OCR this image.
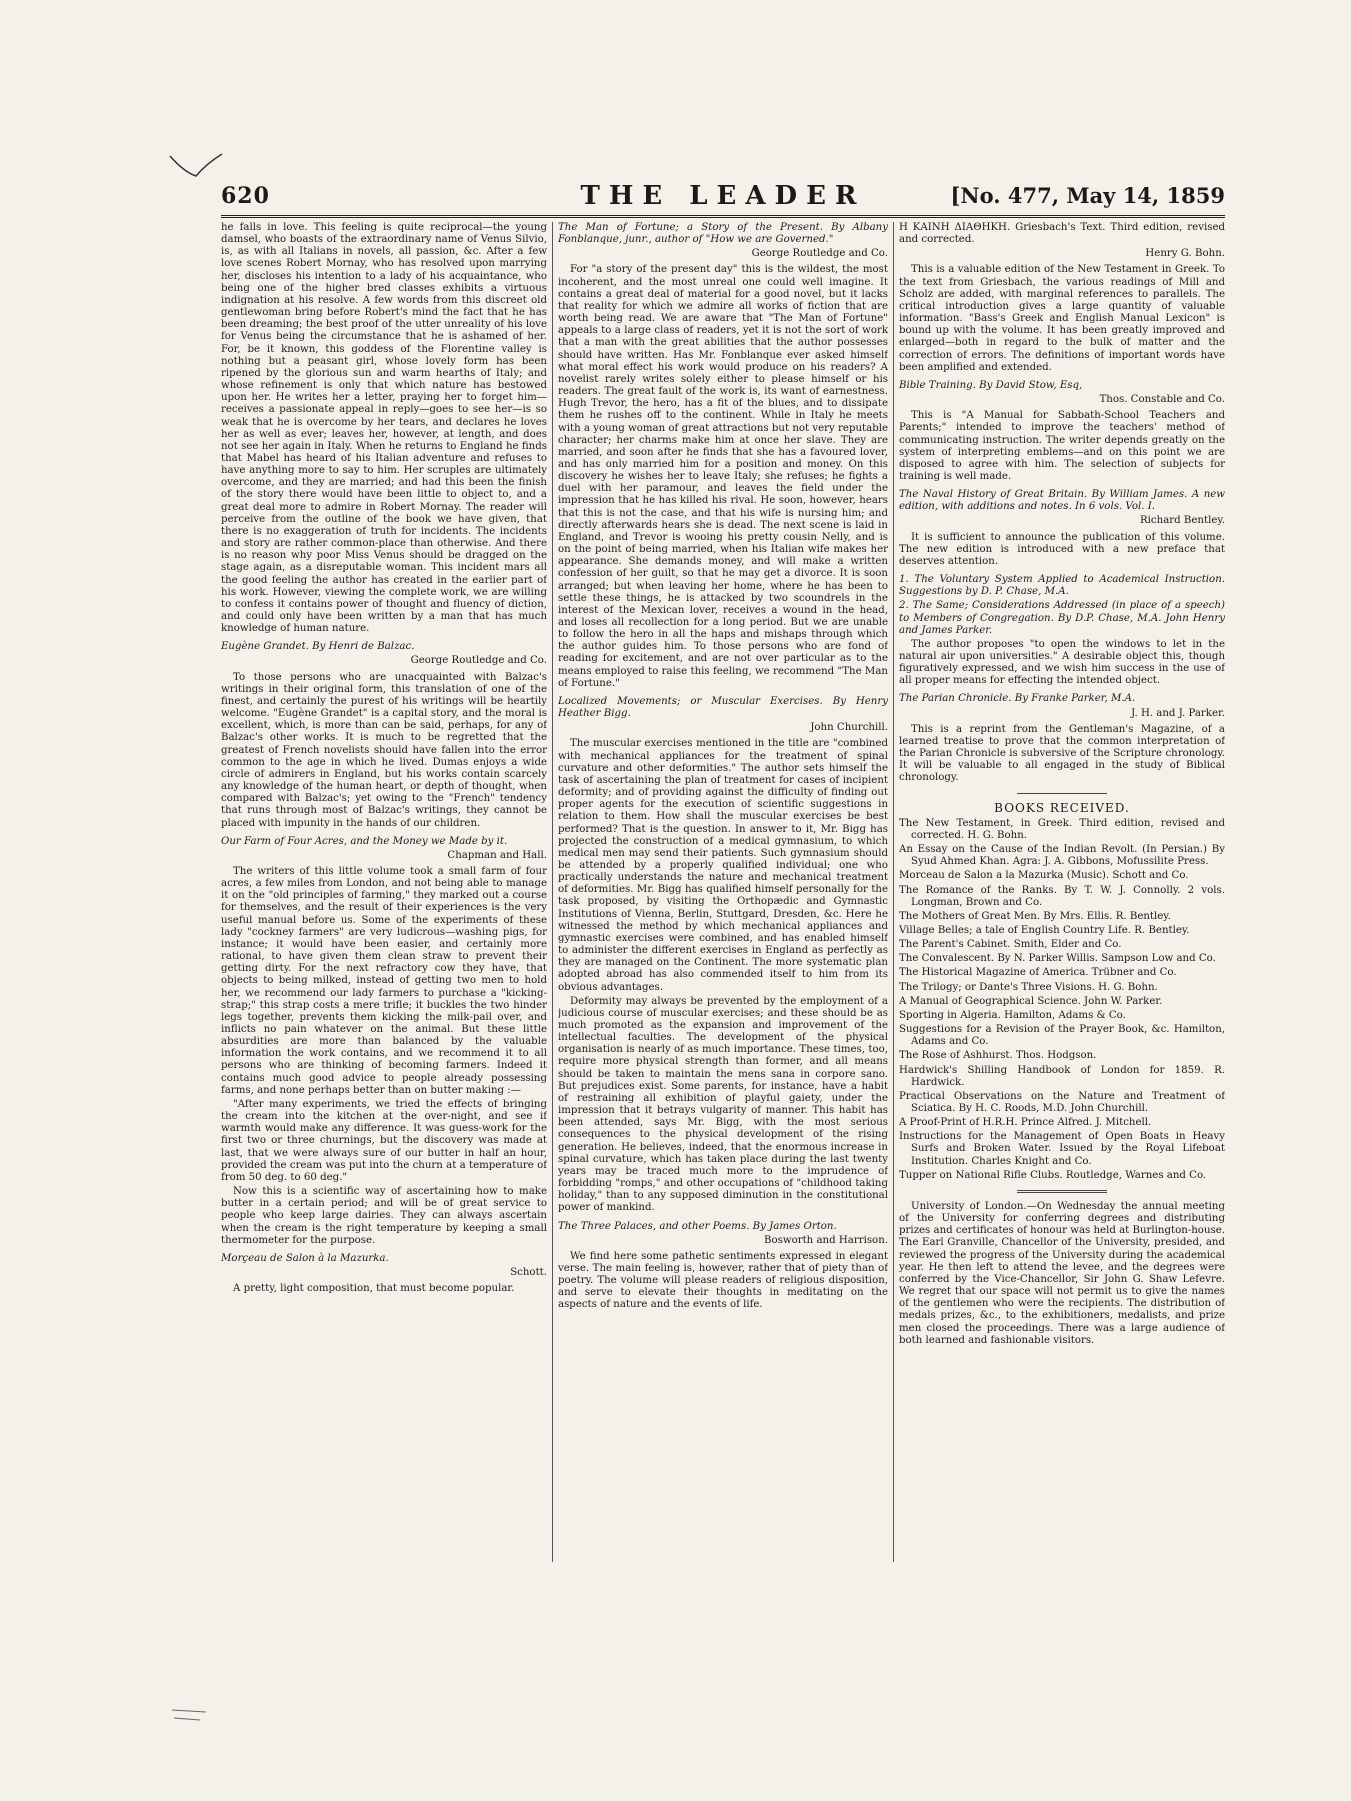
620	THE LEADER	[No. 477, May 14, 1859

he falls in love. This feeling is quite reciprocal—the young damsel, who boasts of the extraordinary name of Venus Silvio, is, as with all Italians in novels, all passion, &c. After a few love scenes Robert Mornay, who has resolved upon marrying her, discloses his intention to a lady of his acquaintance, who being one of the higher bred classes exhibits a virtuous indignation at his resolve. A few words from this discreet old gentlewoman bring before Robert's mind the fact that he has been dreaming; the best proof of the utter unreality of his love for Venus being the circumstance that he is ashamed of her. For, be it known, this goddess of the Florentine valley is nothing but a peasant girl, whose lovely form has been ripened by the glorious sun and warm hearths of Italy; and whose refinement is only that which nature has bestowed upon her. He writes her a letter, praying her to forget him—receives a passionate appeal in reply—goes to see her—is so weak that he is overcome by her tears, and declares he loves her as well as ever; leaves her, however, at length, and does not see her again in Italy. When he returns to England he finds that Mabel has heard of his Italian adventure and refuses to have anything more to say to him. Her scruples are ultimately overcome, and they are married; and had this been the finish of the story there would have been little to object to, and a great deal more to admire in Robert Mornay. The reader will perceive from the outline of the book we have given, that there is no exaggeration of truth for incidents. The incidents and story are rather common-place than otherwise. And there is no reason why poor Miss Venus should be dragged on the stage again, as a disreputable woman. This incident mars all the good feeling the author has created in the earlier part of his work. However, viewing the complete work, we are willing to confess it contains power of thought and fluency of diction, and could only have been written by a man that has much knowledge of human nature.

Eugène Grandet. By Henri de Balzac.

George Routledge and Co.

To those persons who are unacquainted with Balzac's writings in their original form, this translation of one of the finest, and certainly the purest of his writings will be heartily welcome. "Eugène Grandet" is a capital story, and the moral is excellent, which, is more than can be said, perhaps, for any of Balzac's other works. It is much to be regretted that the greatest of French novelists should have fallen into the error common to the age in which he lived. Dumas enjoys a wide circle of admirers in England, but his works contain scarcely any knowledge of the human heart, or depth of thought, when compared with Balzac's; yet owing to the "French" tendency that runs through most of Balzac's writings, they cannot be placed with impunity in the hands of our children.

Our Farm of Four Acres, and the Money we Made by it.

Chapman and Hall.

The writers of this little volume took a small farm of four acres, a few miles from London, and not being able to manage it on the "old principles of farming," they marked out a course for themselves, and the result of their experiences is the very useful manual before us. Some of the experiments of these lady "cockney farmers" are very ludicrous—washing pigs, for instance; it would have been easier, and certainly more rational, to have given them clean straw to prevent their getting dirty. For the next refractory cow they have, that objects to being milked, instead of getting two men to hold her, we recommend our lady farmers to purchase a "kicking-strap;" this strap costs a mere trifle; it buckles the two hinder legs together, prevents them kicking the milk-pail over, and inflicts no pain whatever on the animal. But these little absurdities are more than balanced by the valuable information the work contains, and we recommend it to all persons who are thinking of becoming farmers. Indeed it contains much good advice to people already possessing farms, and none perhaps better than on butter making :—

"After many experiments, we tried the effects of bringing the cream into the kitchen at the over-night, and see if warmth would make any difference. It was guess-work for the first two or three churnings, but the discovery was made at last, that we were always sure of our butter in half an hour, provided the cream was put into the churn at a temperature of from 50 deg. to 60 deg."

Now this is a scientific way of ascertaining how to make butter in a certain period; and will be of great service to people who keep large dairies. They can always ascertain when the cream is the right temperature by keeping a small thermometer for the purpose.

Morçeau de Salon à la Mazurka.

Schott.

A pretty, light composition, that must become popular.

The Man of Fortune; a Story of the Present. By Albany Fonblanque, junr., author of "How we are Governed."

George Routledge and Co.

For "a story of the present day" this is the wildest, the most incoherent, and the most unreal one could well imagine. It contains a great deal of material for a good novel, but it lacks that reality for which we admire all works of fiction that are worth being read. We are aware that "The Man of Fortune" appeals to a large class of readers, yet it is not the sort of work that a man with the great abilities that the author possesses should have written. Has Mr. Fonblanque ever asked himself what moral effect his work would produce on his readers? A novelist rarely writes solely either to please himself or his readers. The great fault of the work is, its want of earnestness. Hugh Trevor, the hero, has a fit of the blues, and to dissipate them he rushes off to the continent. While in Italy he meets with a young woman of great attractions but not very reputable character; her charms make him at once her slave. They are married, and soon after he finds that she has a favoured lover, and has only married him for a position and money. On this discovery he wishes her to leave Italy; she refuses; he fights a duel with her paramour, and leaves the field under the impression that he has killed his rival. He soon, however, hears that this is not the case, and that his wife is nursing him; and directly afterwards hears she is dead. The next scene is laid in England, and Trevor is wooing his pretty cousin Nelly, and is on the point of being married, when his Italian wife makes her appearance. She demands money, and will make a written confession of her guilt, so that he may get a divorce. It is soon arranged; but when leaving her home, where he has been to settle these things, he is attacked by two scoundrels in the interest of the Mexican lover, receives a wound in the head, and loses all recollection for a long period. But we are unable to follow the hero in all the haps and mishaps through which the author guides him. To those persons who are fond of reading for excitement, and are not over particular as to the means employed to raise this feeling, we recommend "The Man of Fortune."

Localized Movements; or Muscular Exercises. By Henry Heather Bigg.

John Churchill.

The muscular exercises mentioned in the title are "combined with mechanical appliances for the treatment of spinal curvature and other deformities." The author sets himself the task of ascertaining the plan of treatment for cases of incipient deformity; and of providing against the difficulty of finding out proper agents for the execution of scientific suggestions in relation to them. How shall the muscular exercises be best performed? That is the question. In answer to it, Mr. Bigg has projected the construction of a medical gymnasium, to which medical men may send their patients. Such gymnasium should be attended by a properly qualified individual; one who practically understands the nature and mechanical treatment of deformities. Mr. Bigg has qualified himself personally for the task proposed, by visiting the Orthopædic and Gymnastic Institutions of Vienna, Berlin, Stuttgard, Dresden, &c. Here he witnessed the method by which mechanical appliances and gymnastic exercises were combined, and has enabled himself to administer the different exercises in England as perfectly as they are managed on the Continent. The more systematic plan adopted abroad has also commended itself to him from its obvious advantages.

Deformity may always be prevented by the employment of a judicious course of muscular exercises; and these should be as much promoted as the expansion and improvement of the intellectual faculties. The development of the physical organisation is nearly of as much importance. These times, too, require more physical strength than former, and all means should be taken to maintain the mens sana in corpore sano. But prejudices exist. Some parents, for instance, have a habit of restraining all exhibition of playful gaiety, under the impression that it betrays vulgarity of manner. This habit has been attended, says Mr. Bigg, with the most serious consequences to the physical development of the rising generation. He believes, indeed, that the enormous increase in spinal curvature, which has taken place during the last twenty years may be traced much more to the imprudence of forbidding "romps," and other occupations of "childhood taking holiday," than to any supposed diminution in the constitutional power of mankind.

The Three Palaces, and other Poems. By James Orton.

Bosworth and Harrison.

We find here some pathetic sentiments expressed in elegant verse. The main feeling is, however, rather that of piety than of poetry. The volume will please readers of religious disposition, and serve to elevate their thoughts in meditating on the aspects of nature and the events of life.

Η ΚΑΙΝΗ ΔΙΑΘΗΚΗ. Griesbach's Text. Third edition, revised and corrected.

Henry G. Bohn.

This is a valuable edition of the New Testament in Greek. To the text from Griesbach, the various readings of Mill and Scholz are added, with marginal references to parallels. The critical introduction gives a large quantity of valuable information. "Bass's Greek and English Manual Lexicon" is bound up with the volume. It has been greatly improved and enlarged—both in regard to the bulk of matter and the correction of errors. The definitions of important words have been amplified and extended.

Bible Training. By David Stow, Esq,

Thos. Constable and Co.

This is "A Manual for Sabbath-School Teachers and Parents;" intended to improve the teachers' method of communicating instruction. The writer depends greatly on the system of interpreting emblems—and on this point we are disposed to agree with him. The selection of subjects for training is well made.

The Naval History of Great Britain. By William James. A new edition, with additions and notes. In 6 vols. Vol. I.

Richard Bentley.

It is sufficient to announce the publication of this volume. The new edition is introduced with a new preface that deserves attention.

1. The Voluntary System Applied to Academical Instruction. Suggestions by D. P. Chase, M.A.

2. The Same; Considerations Addressed (in place of a speech) to Members of Congregation. By D.P. Chase, M.A. John Henry and James Parker.

The author proposes "to open the windows to let in the natural air upon universities." A desirable object this, though figuratively expressed, and we wish him success in the use of all proper means for effecting the intended object.

The Parian Chronicle. By Franke Parker, M.A.

J. H. and J. Parker.

This is a reprint from the Gentleman's Magazine, of a learned treatise to prove that the common interpretation of the Parian Chronicle is subversive of the Scripture chronology. It will be valuable to all engaged in the study of Biblical chronology.

BOOKS RECEIVED.
The New Testament, in Greek. Third edition, revised and corrected. H. G. Bohn.
An Essay on the Cause of the Indian Revolt. (In Persian.) By Syud Ahmed Khan. Agra: J. A. Gibbons, Mofussilite Press.
Morceau de Salon a la Mazurka (Music). Schott and Co.
The Romance of the Ranks. By T. W. J. Connolly. 2 vols. Longman, Brown and Co.
The Mothers of Great Men. By Mrs. Ellis. R. Bentley.
Village Belles; a tale of English Country Life. R. Bentley.
The Parent's Cabinet. Smith, Elder and Co.
The Convalescent. By N. Parker Willis. Sampson Low and Co.
The Historical Magazine of America. Trübner and Co.
The Trilogy; or Dante's Three Visions. H. G. Bohn.
A Manual of Geographical Science. John W. Parker.
Sporting in Algeria. Hamilton, Adams & Co.
Suggestions for a Revision of the Prayer Book, &c. Hamilton, Adams and Co.
The Rose of Ashhurst. Thos. Hodgson.
Hardwick's Shilling Handbook of London for 1859. R. Hardwick.
Practical Observations on the Nature and Treatment of Sciatica. By H. C. Roods, M.D. John Churchill.
A Proof-Print of H.R.H. Prince Alfred. J. Mitchell.
Instructions for the Management of Open Boats in Heavy Surfs and Broken Water. Issued by the Royal Lifeboat Institution. Charles Knight and Co.
Tupper on National Rifle Clubs. Routledge, Warnes and Co.

University of London.—On Wednesday the annual meeting of the University for conferring degrees and distributing prizes and certificates of honour was held at Burlington-house. The Earl Granville, Chancellor of the University, presided, and reviewed the progress of the University during the academical year. He then left to attend the levee, and the degrees were conferred by the Vice-Chancellor, Sir John G. Shaw Lefevre. We regret that our space will not permit us to give the names of the gentlemen who were the recipients. The distribution of medals prizes, &c., to the exhibitioners, medalists, and prize men closed the proceedings. There was a large audience of both learned and fashionable visitors.
